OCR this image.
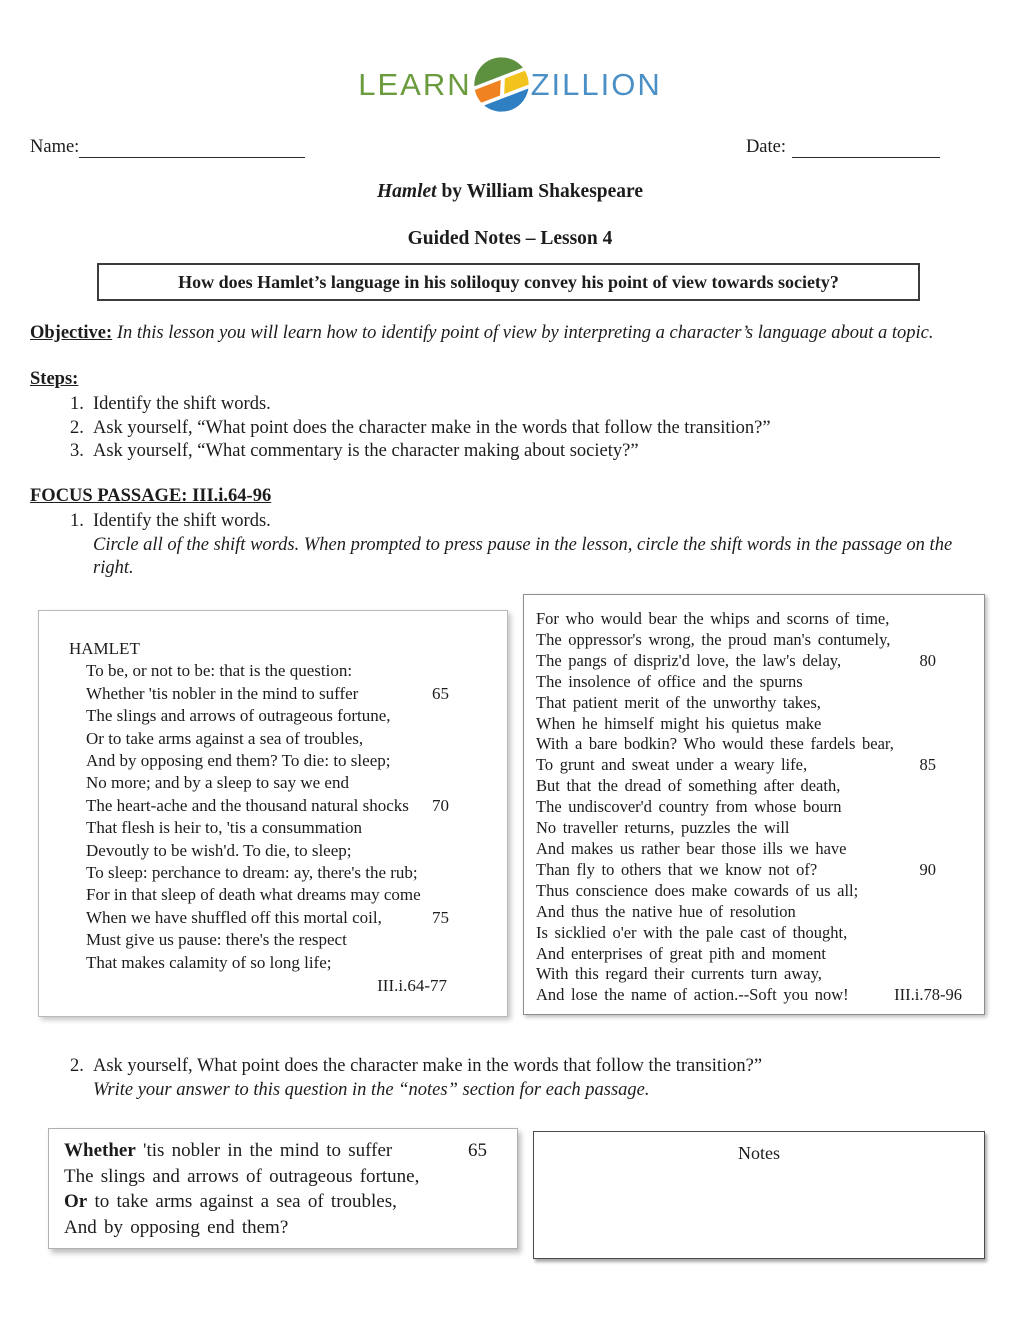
LEARN ZILLION
Name:	Date:
Hamlet by William Shakespeare
Guided Notes – Lesson 4
How does Hamlet’s language in his soliloquy convey his point of view towards society?

Objective: In this lesson you will learn how to identify point of view by interpreting a character’s language about a topic.

Steps:

1. Identify the shift words.
2. Ask yourself, “What point does the character make in the words that follow the transition?”
3. Ask yourself, “What commentary is the character making about society?”

FOCUS PASSAGE: III.i.64-96

1. Identify the shift words.

Circle all of the shift words. When prompted to press pause in the lesson, circle the shift words in the passage on the right.

HAMLET
To be, or not to be: that is the question:
Whether 'tis nobler in the mind to suffer	65
The slings and arrows of outrageous fortune,
Or to take arms against a sea of troubles,
And by opposing end them? To die: to sleep;
No more; and by a sleep to say we end
The heart-ache and the thousand natural shocks 70
That flesh is heir to, 'tis a consummation
Devoutly to be wish'd. To die, to sleep;
To sleep: perchance to dream: ay, there's the rub;
For in that sleep of death what dreams may come
When we have shuffled off this mortal coil,	75
Must give us pause: there's the respect
That makes calamity of so long life;
III.i.64-77
For who would bear the whips and scorns of time,
The oppressor's wrong, the proud man's contumely,
The pangs of dispriz'd love, the law's delay,	80
The insolence of office and the spurns
That patient merit of the unworthy takes,
When he himself might his quietus make
With a bare bodkin? Who would these fardels bear,
To grunt and sweat under a weary life,	85
But that the dread of something after death,
The undiscover'd country from whose bourn
No traveller returns, puzzles the will
And makes us rather bear those ills we have
Than fly to others that we know not of?	90
Thus conscience does make cowards of us all;
And thus the native hue of resolution
Is sicklied o'er with the pale cast of thought,
And enterprises of great pith and moment
With this regard their currents turn away,
And lose the name of action.--Soft you now!	III.i.78-96
2. Ask yourself, What point does the character make in the words that follow the transition?”

Write your answer to this question in the “notes” section for each passage.

Whether 'tis nobler in the mind to suffer	65
The slings and arrows of outrageous fortune,
Or to take arms against a sea of troubles,
And by opposing end them?
Notes
